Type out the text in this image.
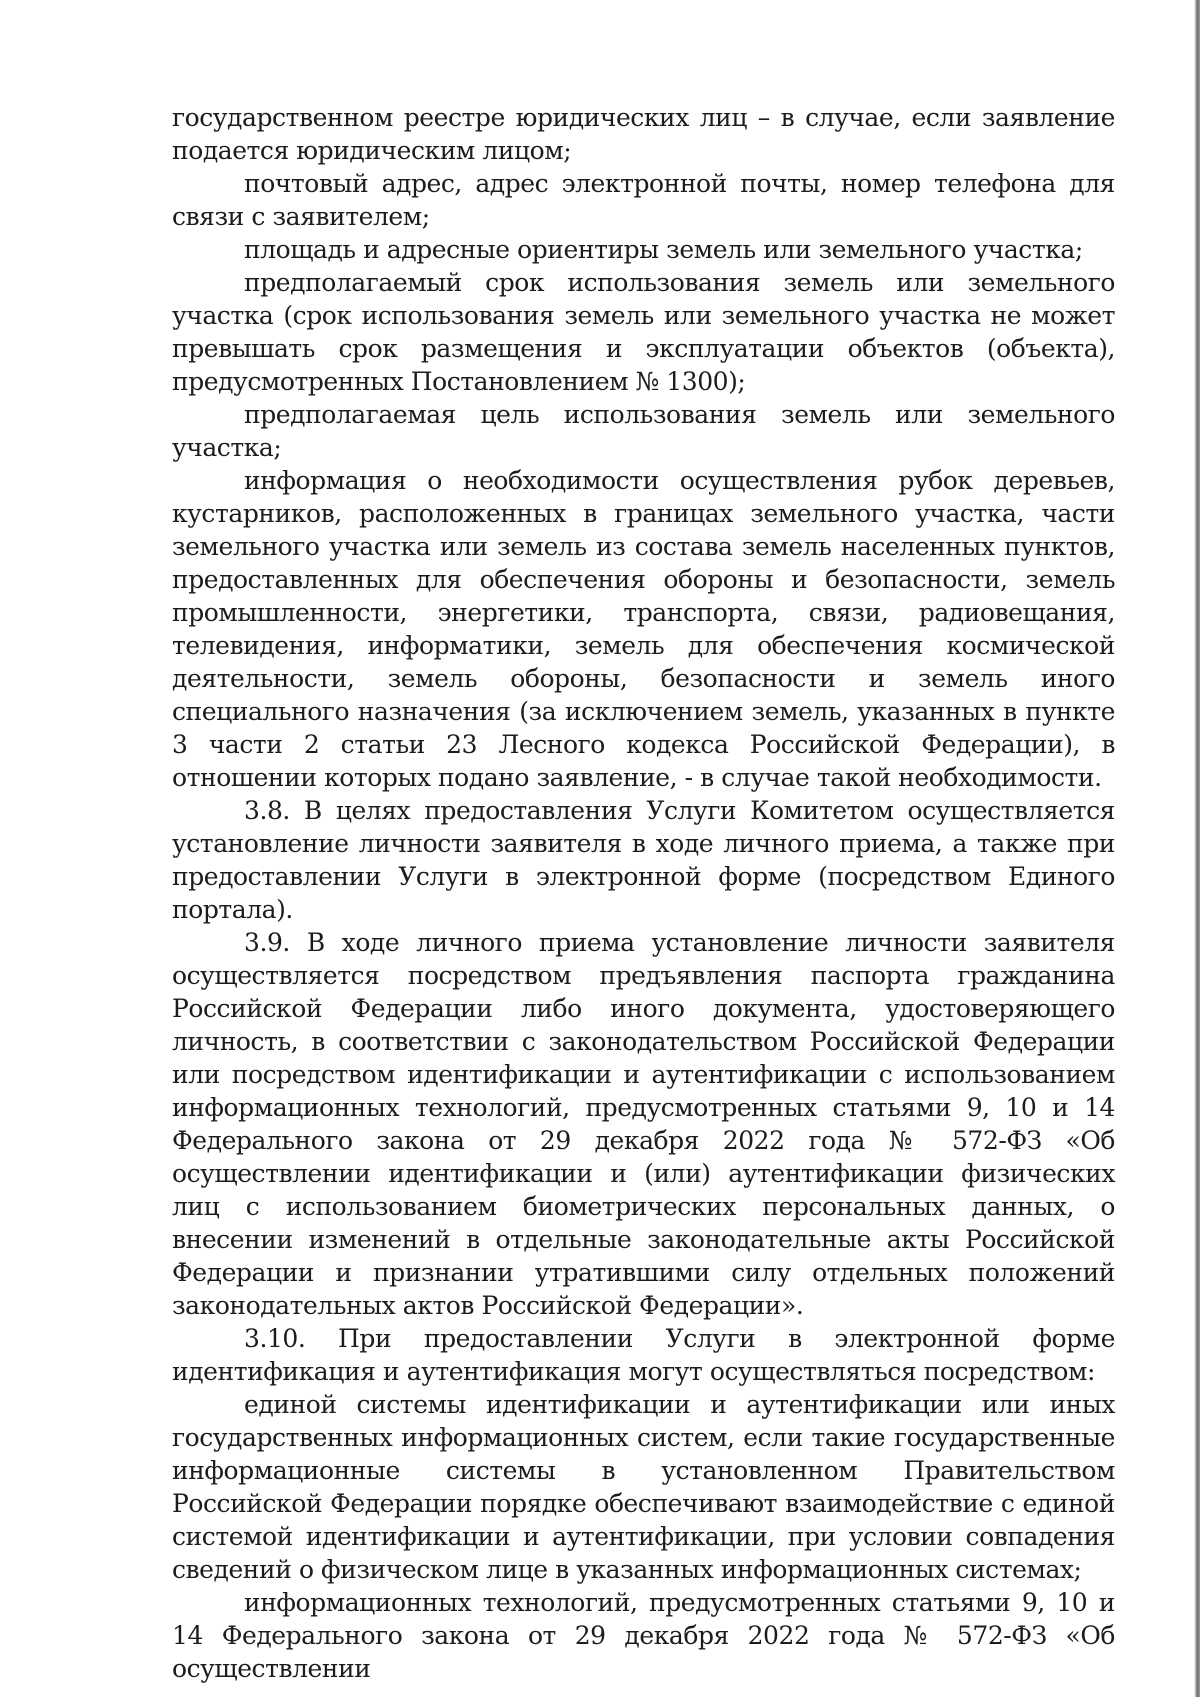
государственном реестре юридических лиц – в случае, если заявление подается юридическим лицом;

почтовый адрес, адрес электронной почты, номер телефона для связи с заявителем;

площадь и адресные ориентиры земель или земельного участка;

предполагаемый срок использования земель или земельного участка (срок использования земель или земельного участка не может превышать срок размещения и эксплуатации объектов (объекта), предусмотренных Постановлением № 1300);

предполагаемая цель использования земель или земельного участка;

информация о необходимости осуществления рубок деревьев, кустарников, расположенных в границах земельного участка, части земельного участка или земель из состава земель населенных пунктов, предоставленных для обеспечения обороны и безопасности, земель промышленности, энергетики, транспорта, связи, радиовещания, телевидения, информатики, земель для обеспечения космической деятельности, земель обороны, безопасности и земель иного специального назначения (за исключением земель, указанных в пункте 3 части 2 статьи 23 Лесного кодекса Российской Федерации), в отношении которых подано заявление, - в случае такой необходимости.

3.8. В целях предоставления Услуги Комитетом осуществляется установление личности заявителя в ходе личного приема, а также при предоставлении Услуги в электронной форме (посредством Единого портала).

3.9. В ходе личного приема установление личности заявителя осуществляется посредством предъявления паспорта гражданина Российской Федерации либо иного документа, удостоверяющего личность, в соответствии с законодательством Российской Федерации или посредством идентификации и аутентификации с использованием информационных технологий, предусмотренных статьями 9, 10 и 14 Федерального закона от 29 декабря 2022 года № 572-ФЗ «Об осуществлении идентификации и (или) аутентификации физических лиц с использованием биометрических персональных данных, о внесении изменений в отдельные законодательные акты Российской Федерации и признании утратившими силу отдельных положений законодательных актов Российской Федерации».

3.10. При предоставлении Услуги в электронной форме идентификация и аутентификация могут осуществляться посредством:

единой системы идентификации и аутентификации или иных государственных информационных систем, если такие государственные информационные системы в установленном Правительством Российской Федерации порядке обеспечивают взаимодействие с единой системой идентификации и аутентификации, при условии совпадения сведений о физическом лице в указанных информационных системах;

информационных технологий, предусмотренных статьями 9, 10 и 14 Федерального закона от 29 декабря 2022 года № 572-ФЗ «Об осуществлении
